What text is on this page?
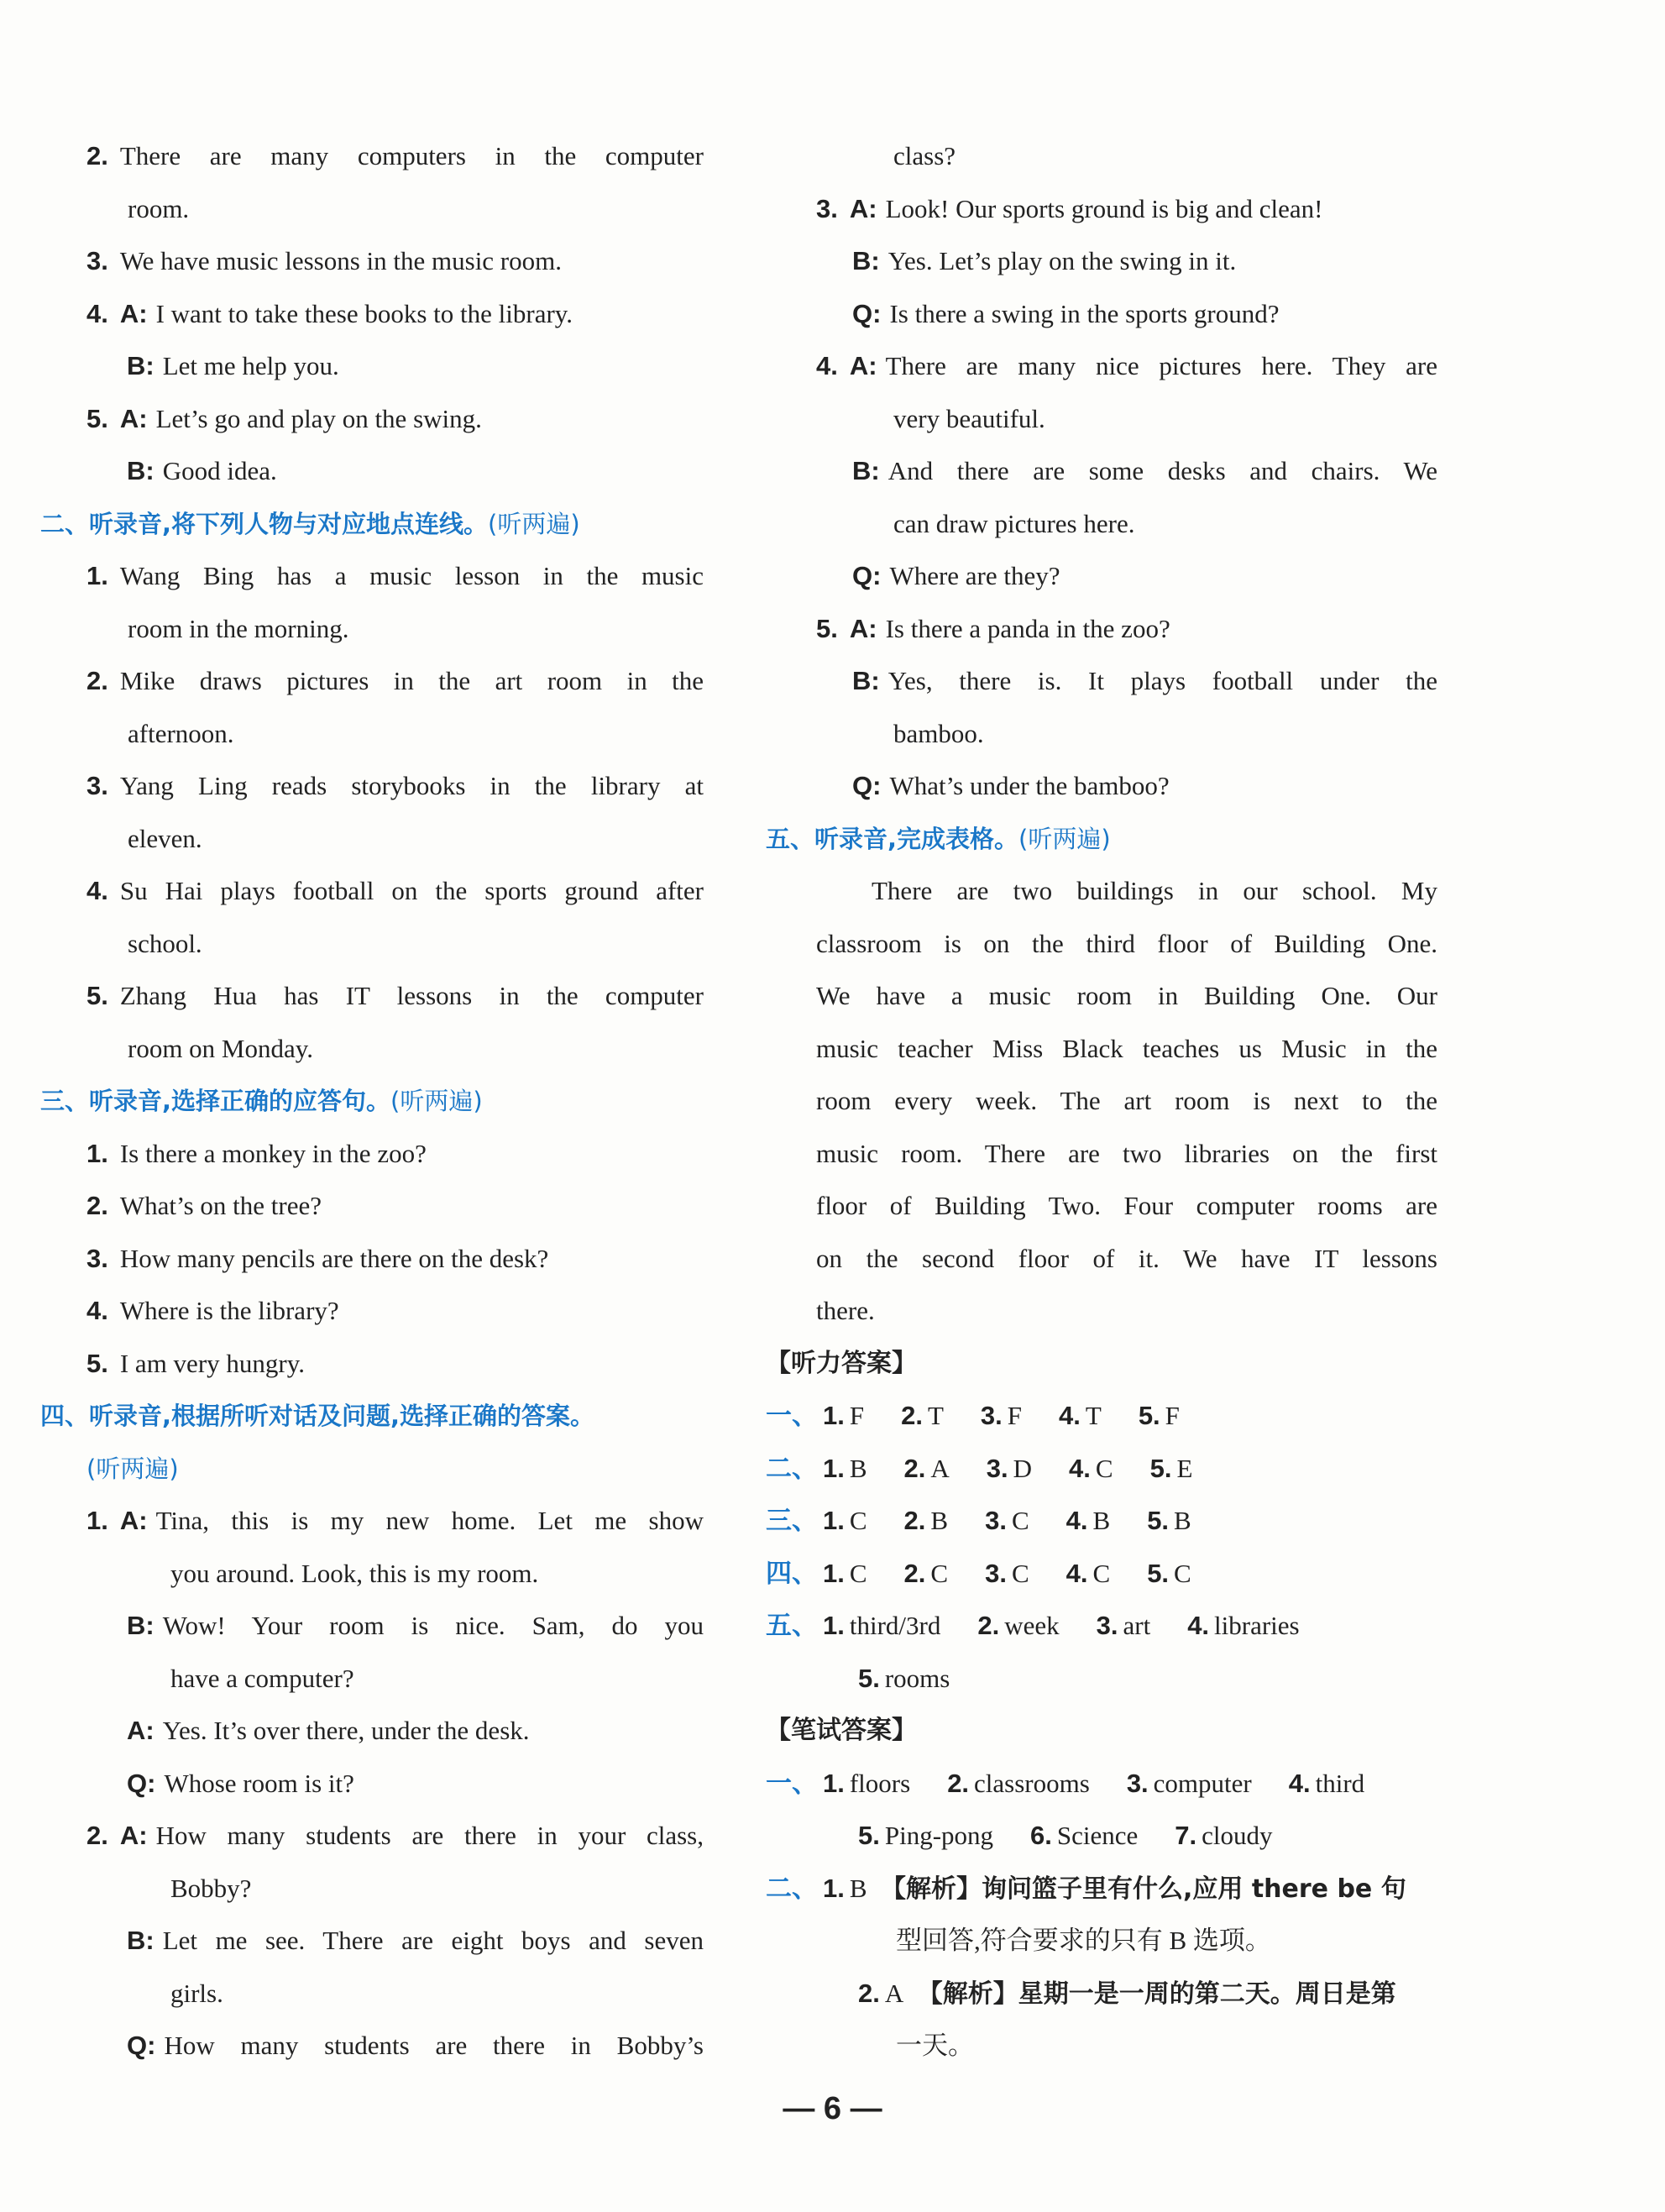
2. There are many computers in the computer
room.
3. We have music lessons in the music room.
4. A: I want to take these books to the library.
B: Let me help you.
5. A: Let’s go and play on the swing.
B: Good idea.
二、听录音,将下列人物与对应地点连线。(听两遍)
1. Wang Bing has a music lesson in the music
room in the morning.
2. Mike draws pictures in the art room in the
afternoon.
3. Yang Ling reads storybooks in the library at
eleven.
4. Su Hai plays football on the sports ground after
school.
5. Zhang Hua has IT lessons in the computer
room on Monday.
三、听录音,选择正确的应答句。(听两遍)
1. Is there a monkey in the zoo?
2. What’s on the tree?
3. How many pencils are there on the desk?
4. Where is the library?
5. I am very hungry.
四、听录音,根据所听对话及问题,选择正确的答案。
(听两遍)
1. A: Tina, this is my new home. Let me show
you around. Look, this is my room.
B: Wow! Your room is nice. Sam, do you
have a computer?
A: Yes. It’s over there, under the desk.
Q: Whose room is it?
2. A: How many students are there in your class,
Bobby?
B: Let me see. There are eight boys and seven
girls.
Q: How many students are there in Bobby’s
class?
3. A: Look! Our sports ground is big and clean!
B: Yes. Let’s play on the swing in it.
Q: Is there a swing in the sports ground?
4. A: There are many nice pictures here. They are
very beautiful.
B: And there are some desks and chairs. We
can draw pictures here.
Q: Where are they?
5. A: Is there a panda in the zoo?
B: Yes, there is. It plays football under the
bamboo.
Q: What’s under the bamboo?
五、听录音,完成表格。(听两遍)
There are two buildings in our school. My
classroom is on the third floor of Building One.
We have a music room in Building One. Our
music teacher Miss Black teaches us Music in the
room every week. The art room is next to the
music room. There are two libraries on the first
floor of Building Two. Four computer rooms are
on the second floor of it. We have IT lessons
there.
【听力答案】
一、 1. F 2. T 3. F 4. T 5. F
二、 1. B 2. A 3. D 4. C 5. E
三、 1. C 2. B 3. C 4. B 5. B
四、 1. C 2. C 3. C 4. C 5. C
五、 1. third/3rd 2. week 3. art 4. libraries
5. rooms
【笔试答案】
一、 1. floors 2. classrooms 3. computer 4. third
5. Ping-pong 6. Science 7. cloudy
二、 1. B 【解析】询问篮子里有什么,应用 there be 句
型回答,符合要求的只有 B 选项。
2. A 【解析】星期一是一周的第二天。周日是第
一天。
— 6 —
